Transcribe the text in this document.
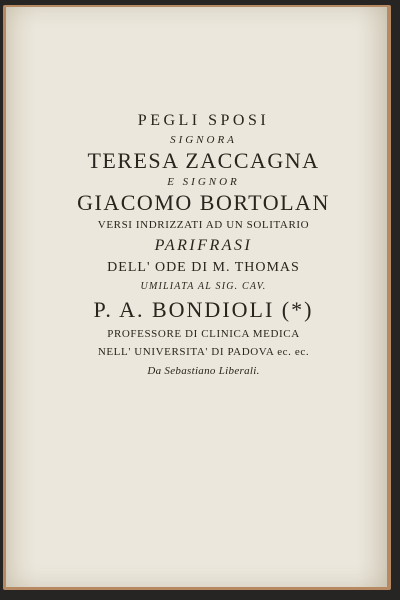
PEGLI SPOSI
SIGNORA
TERESA ZACCAGNA
E SIGNOR
GIACOMO BORTOLAN
VERSI INDRIZZATI AD UN SOLITARIO
PARIFRASI
DELL' ODE DI M. THOMAS
UMILIATA AL SIG. CAV.
P. A. BONDIOLI (*)
PROFESSORE DI CLINICA MEDICA
NELL' UNIVERSITA' DI PADOVA ec. ec.
Da Sebastiano Liberali.
